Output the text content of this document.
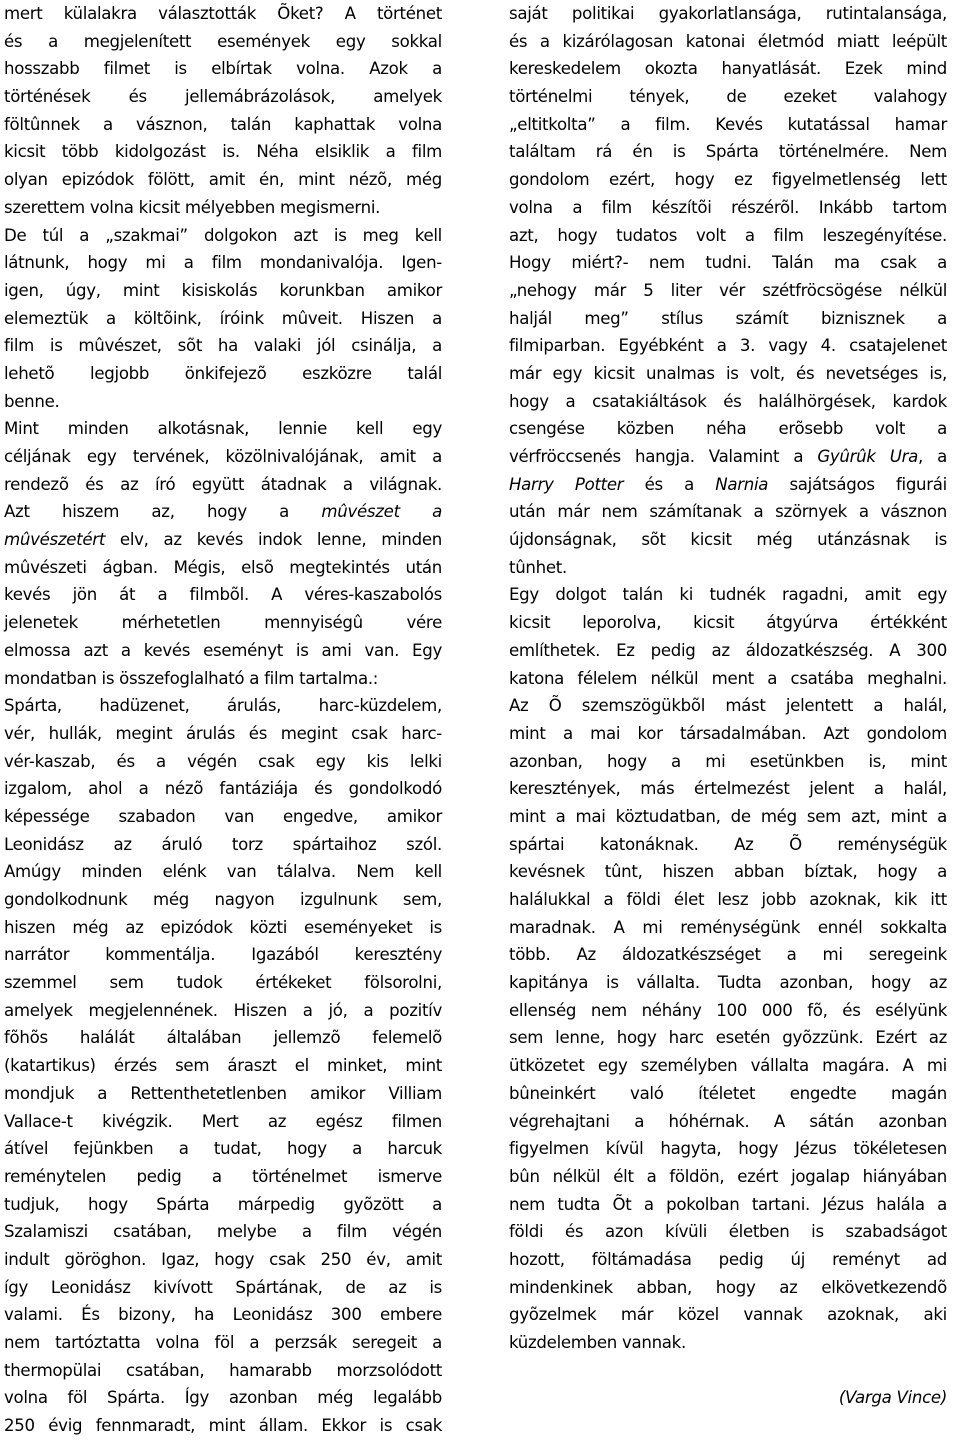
mert külalakra választották Õket? A történet
és a megjelenített események egy sokkal
hosszabb filmet is elbírtak volna. Azok a
történések és jellemábrázolások, amelyek
föltûnnek a vásznon, talán kaphattak volna
kicsit több kidolgozást is. Néha elsiklik a film
olyan epizódok fölött, amit én, mint nézõ, még
szerettem volna kicsit mélyebben megismerni.
De túl a „szakmai” dolgokon azt is meg kell
látnunk, hogy mi a film mondanivalója. Igen-
igen, úgy, mint kisiskolás korunkban amikor
elemeztük a költõink, íróink mûveit. Hiszen a
film is mûvészet, sõt ha valaki jól csinálja, a
lehetõ legjobb önkifejezõ eszközre talál
benne.
Mint minden alkotásnak, lennie kell egy
céljának egy tervének, közölnivalójának, amit a
rendezõ és az író együtt átadnak a világnak.
Azt hiszem az, hogy a mûvészet a
mûvészetért elv, az kevés indok lenne, minden
mûvészeti ágban. Mégis, elsõ megtekintés után
kevés jön át a filmbõl. A véres-kaszabolós
jelenetek mérhetetlen mennyiségû vére
elmossa azt a kevés eseményt is ami van. Egy
mondatban is összefoglalható a film tartalma.:
Spárta, hadüzenet, árulás, harc-küzdelem,
vér, hullák, megint árulás és megint csak harc-
vér-kaszab, és a végén csak egy kis lelki
izgalom, ahol a nézõ fantáziája és gondolkodó
képessége szabadon van engedve, amikor
Leonidász az áruló torz spártaihoz szól.
Amúgy minden elénk van tálalva. Nem kell
gondolkodnunk még nagyon izgulnunk sem,
hiszen még az epizódok közti eseményeket is
narrátor kommentálja. Igazából keresztény
szemmel sem tudok értékeket fölsorolni,
amelyek megjelennének. Hiszen a jó, a pozitív
fõhõs halálát általában jellemzõ felemelõ
(katartikus) érzés sem áraszt el minket, mint
mondjuk a Rettenthetetlenben amikor Villiam
Vallace-t kivégzik. Mert az egész filmen
átível fejünkben a tudat, hogy a harcuk
reménytelen pedig a történelmet ismerve
tudjuk, hogy Spárta márpedig gyõzött a
Szalamiszi csatában, melybe a film végén
indult göröghon. Igaz, hogy csak 250 év, amit
így Leonidász kivívott Spártának, de az is
valami. És bizony, ha Leonidász 300 embere
nem tartóztatta volna föl a perzsák seregeit a
thermopülai csatában, hamarabb morzsolódott
volna föl Spárta. Így azonban még legalább
250 évig fennmaradt, mint állam. Ekkor is csak
saját politikai gyakorlatlansága, rutintalansága,
és a kizárólagosan katonai életmód miatt leépült
kereskedelem okozta hanyatlását. Ezek mind
történelmi tények, de ezeket valahogy
„eltitkolta” a film. Kevés kutatással hamar
találtam rá én is Spárta történelmére. Nem
gondolom ezért, hogy ez figyelmetlenség lett
volna a film készítõi részérõl. Inkább tartom
azt, hogy tudatos volt a film leszegényítése.
Hogy miért?- nem tudni. Talán ma csak a
„nehogy már 5 liter vér szétfröcsögése nélkül
haljál meg” stílus számít biznisznek a
filmiparban. Egyébként a 3. vagy 4. csatajelenet
már egy kicsit unalmas is volt, és nevetséges is,
hogy a csatakiáltások és halálhörgések, kardok
csengése közben néha erõsebb volt a
vérfröccsenés hangja. Valamint a Gyûrûk Ura, a
Harry Potter és a Narnia sajátságos figurái
után már nem számítanak a szörnyek a vásznon
újdonságnak, sõt kicsit még utánzásnak is
tûnhet.
Egy dolgot talán ki tudnék ragadni, amit egy
kicsit leporolva, kicsit átgyúrva értékként
említhetek. Ez pedig az áldozatkészség. A 300
katona félelem nélkül ment a csatába meghalni.
Az Õ szemszögükbõl mást jelentett a halál,
mint a mai kor társadalmában. Azt gondolom
azonban, hogy a mi esetünkben is, mint
keresztények, más értelmezést jelent a halál,
mint a mai köztudatban, de még sem azt, mint a
spártai katonáknak. Az Õ reménységük
kevésnek tûnt, hiszen abban bíztak, hogy a
halálukkal a földi élet lesz jobb azoknak, kik itt
maradnak. A mi reménységünk ennél sokkalta
több. Az áldozatkészséget a mi seregeink
kapitánya is vállalta. Tudta azonban, hogy az
ellenség nem néhány 100 000 fõ, és esélyünk
sem lenne, hogy harc esetén gyõzzünk. Ezért az
ütközetet egy személyben vállalta magára. A mi
bûneinkért való ítéletet engedte magán
végrehajtani a hóhérnak. A sátán azonban
figyelmen kívül hagyta, hogy Jézus tökéletesen
bûn nélkül élt a földön, ezért jogalap hiányában
nem tudta Õt a pokolban tartani. Jézus halála a
földi és azon kívüli életben is szabadságot
hozott, föltámadása pedig új reményt ad
mindenkinek abban, hogy az elkövetkezendõ
gyõzelmek már közel vannak azoknak, aki
küzdelemben vannak.
(Varga Vince)
